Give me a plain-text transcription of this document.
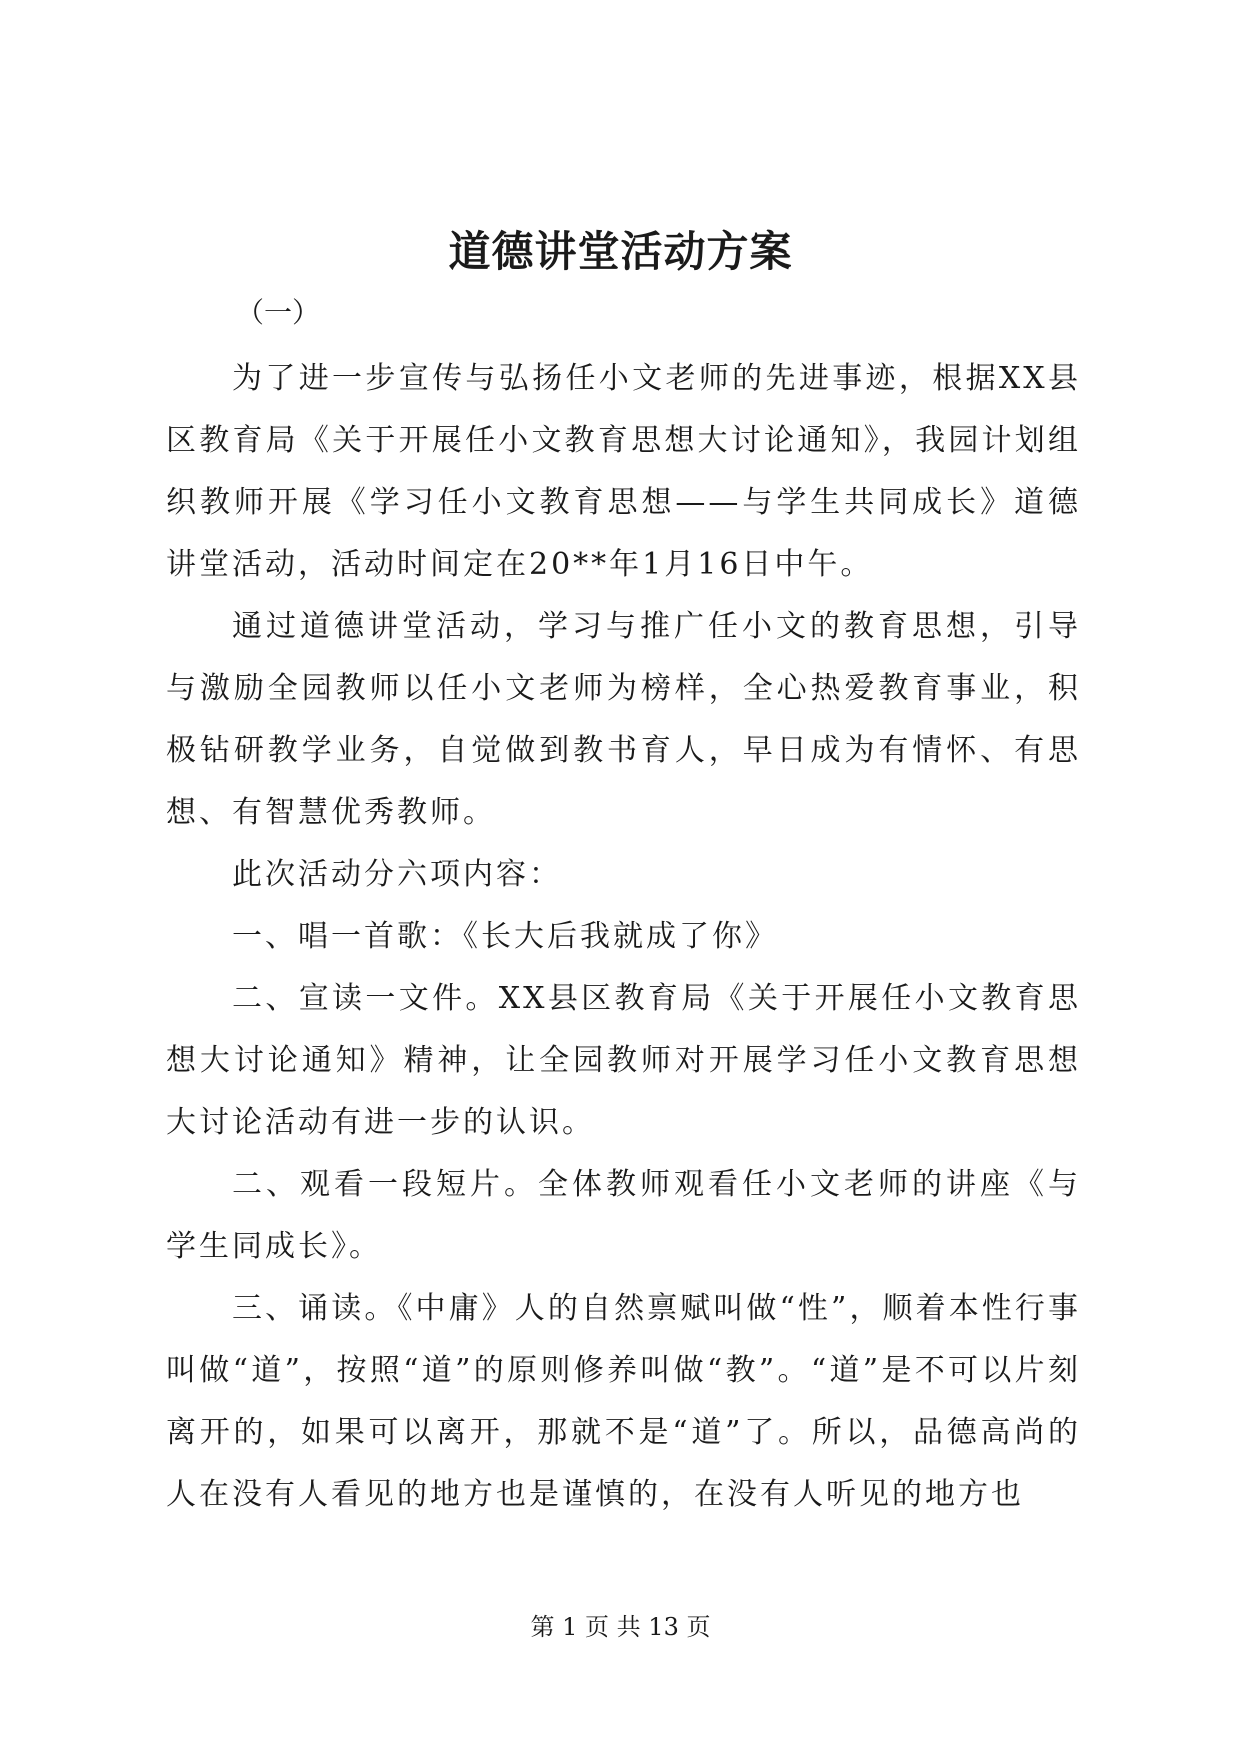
道德讲堂活动方案

（一）

为了进一步宣传与弘扬任小文老师的先进事迹，根据XX县区教育局《关于开展任小文教育思想大讨论通知》，我园计划组织教师开展《学习任小文教育思想——与学生共同成长》道德讲堂活动，活动时间定在20**年1月16日中午。

通过道德讲堂活动，学习与推广任小文的教育思想，引导与激励全园教师以任小文老师为榜样，全心热爱教育事业，积极钻研教学业务，自觉做到教书育人，早日成为有情怀、有思想、有智慧优秀教师。

此次活动分六项内容：

一、唱一首歌：《长大后我就成了你》

二、宣读一文件。XX县区教育局《关于开展任小文教育思想大讨论通知》精神，让全园教师对开展学习任小文教育思想大讨论活动有进一步的认识。

二、观看一段短片。全体教师观看任小文老师的讲座《与学生同成长》。

三、诵读。《中庸》人的自然禀赋叫做“性”，顺着本性行事叫做“道”，按照“道”的原则修养叫做“教”。“道”是不可以片刻离开的，如果可以离开，那就不是“道”了。所以，品德高尚的人在没有人看见的地方也是谨慎的，在没有人听见的地方也

第 1 页 共 13 页
